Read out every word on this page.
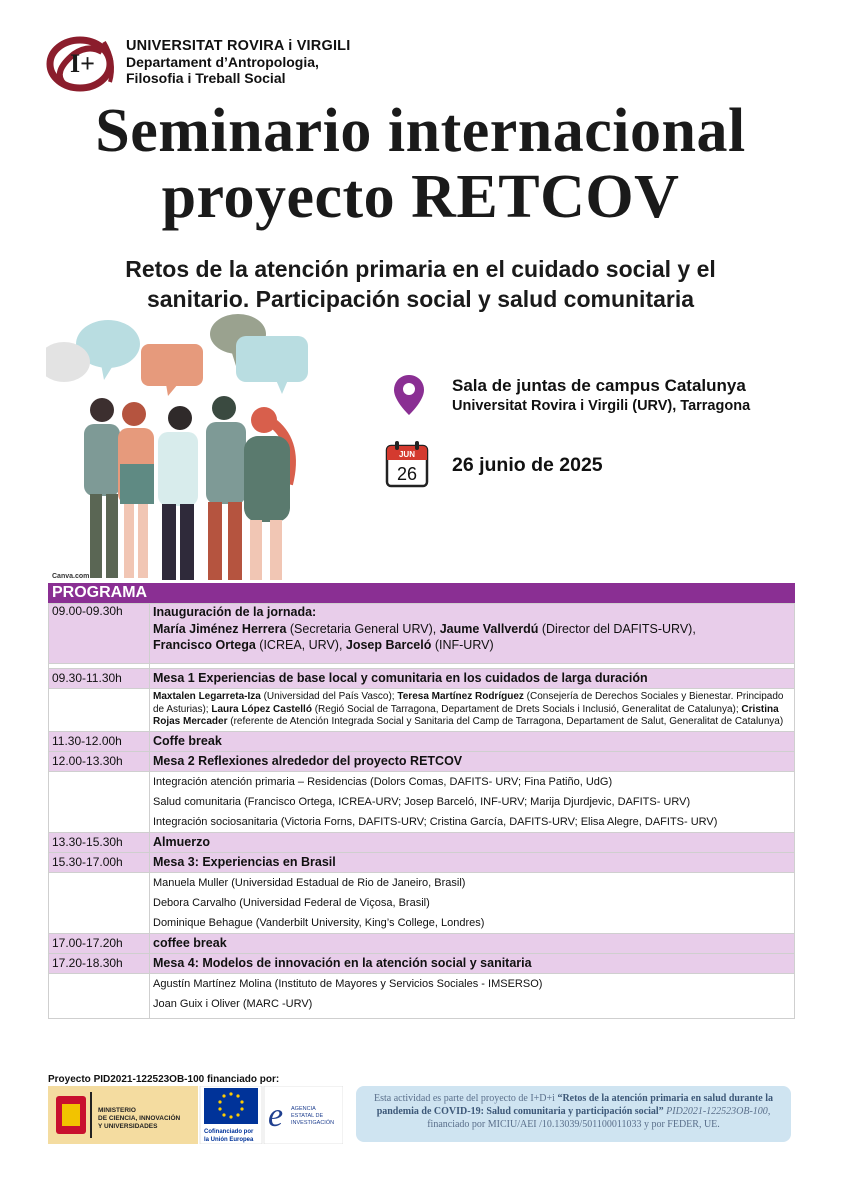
I+
UNIVERSITAT ROVIRA i VIRGILI
Departament d’Antropologia,
Filosofia i Treball Social
Seminario internacional
proyecto RETCOV
Retos de la atención primaria en el cuidado social y el
sanitario. Participación social y salud comunitaria
Canva.com
Sala de juntas de campus Catalunya
Universitat Rovira i Virgili (URV), Tarragona
JUN
26 26 junio de 2025
PROGRAMA
09.00-09.30h	Inauguración de la jornada:
María Jiménez Herrera (Secretaria General URV), Jaume Vallverdú (Director del DAFITS-URV),
Francisco Ortega (ICREA, URV), Josep Barceló (INF-URV)

09.30-11.30h	Mesa 1 Experiencias de base local y comunitaria en los cuidados de larga duración
	Maxtalen Legarreta-Iza (Universidad del País Vasco); Teresa Martínez Rodríguez (Consejería de Derechos Sociales y Bienestar. Principado de Asturias); Laura López Castelló (Regió Social de Tarragona, Departament de Drets Socials i Inclusió, Generalitat de Catalunya); Cristina Rojas Mercader (referente de Atención Integrada Social y Sanitaria del Camp de Tarragona, Departament de Salut, Generalitat de Catalunya)
11.30-12.00h	Coffe break
12.00-13.30h	Mesa 2 Reflexiones alrededor del proyecto RETCOV

	Integración atención primaria – Residencias (Dolors Comas, DAFITS- URV; Fina Patiño, UdG)
Salud comunitaria (Francisco Ortega, ICREA-URV; Josep Barceló, INF-URV; Marija Djurdjevic, DAFITS- URV)
Integración sociosanitaria (Victoria Forns, DAFITS-URV; Cristina García, DAFITS-URV; Elisa Alegre, DAFITS- URV)

13.30-15.30h	Almuerzo
15.30-17.00h	Mesa 3: Experiencias en Brasil

	Manuela Muller (Universidad Estadual de Rio de Janeiro, Brasil)
Debora Carvalho (Universidad Federal de Viçosa, Brasil)
Dominique Behague (Vanderbilt University, King’s College, Londres)

17.00-17.20h	coffee break
17.20-18.30h	Mesa 4: Modelos de innovación en la atención social y sanitaria

	Agustín Martínez Molina (Instituto de Mayores y Servicios Sociales - IMSERSO)
Joan Guix i Oliver (MARC -URV)
Proyecto PID2021-122523OB-100 financiado por:
MINISTERIO
DE CIENCIA, INNOVACIÓN
Y UNIVERSIDADES
Cofinanciado por
la Unión Europea
e AGENCIA
ESTATAL DE
INVESTIGACIÓN
Esta actividad es parte del proyecto de I+D+i “Retos de la atención primaria en salud durante la pandemia de COVID-19: Salud comunitaria y participación social” PID2021-122523OB-100, financiado por MICIU/AEI /10.13039/501100011033 y por FEDER, UE.
